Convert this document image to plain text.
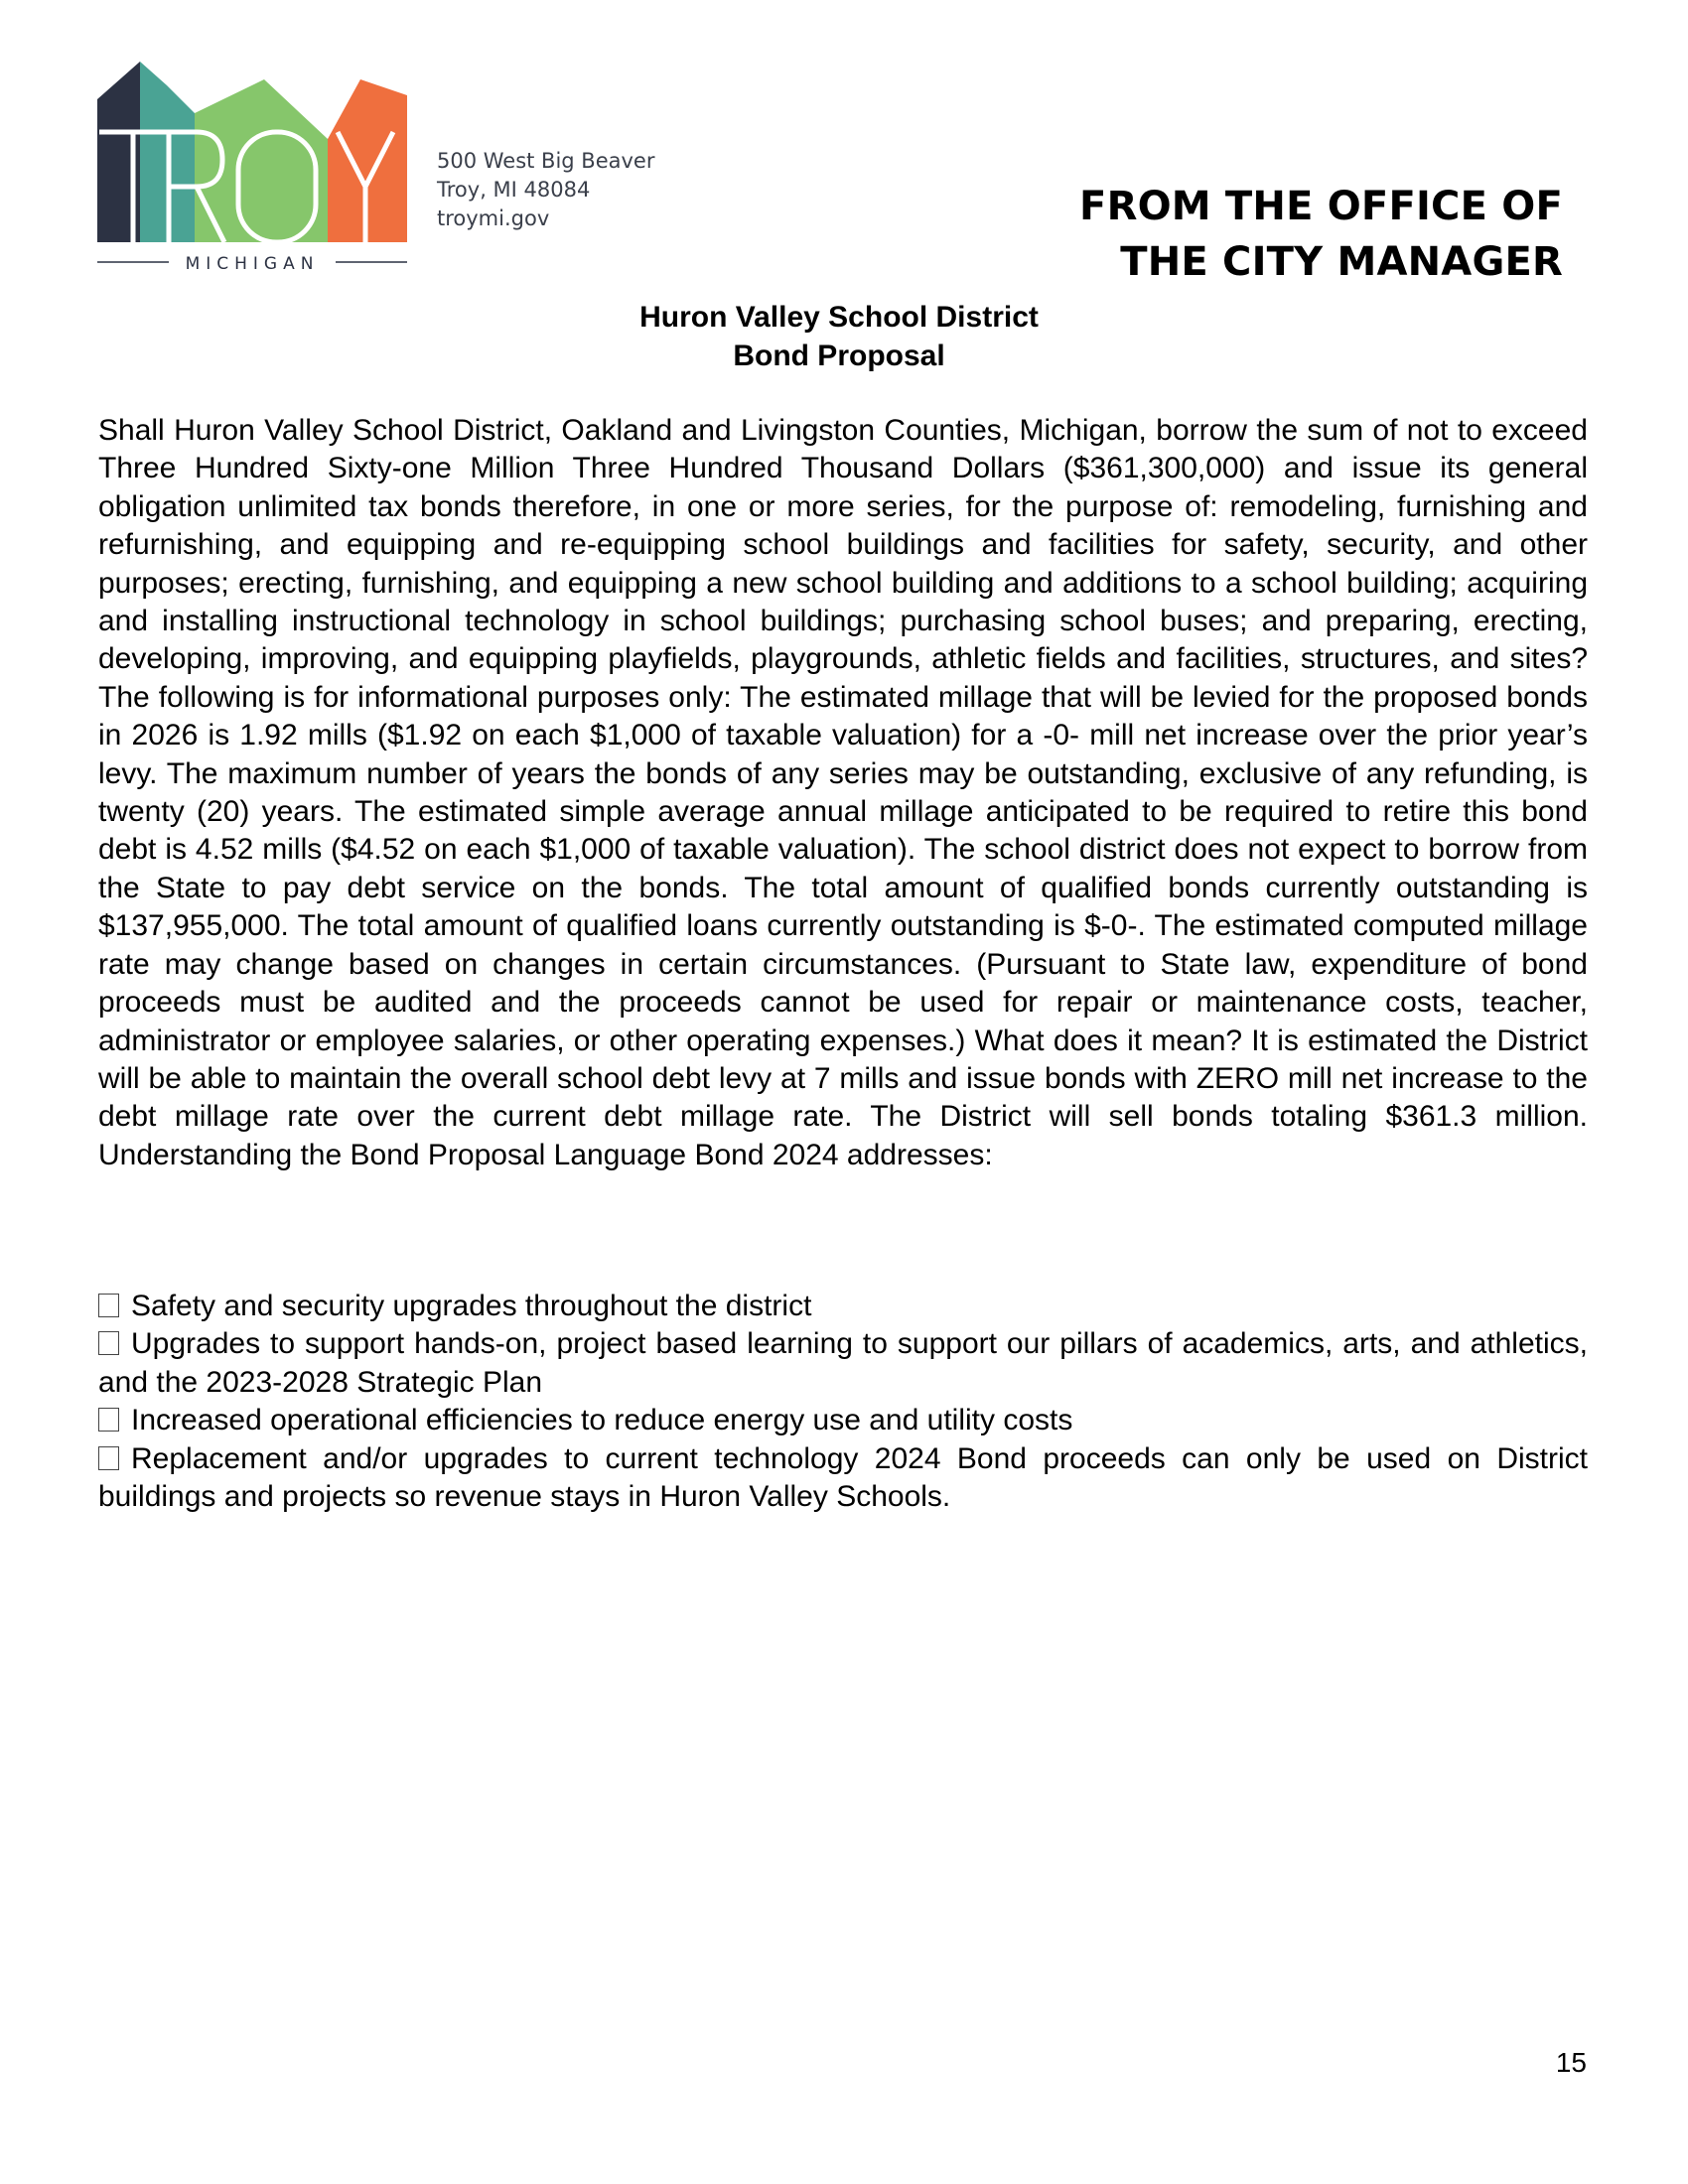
MICHIGAN
500 West Big Beaver
Troy, MI 48084
troymi.gov	FROM THE OFFICE OF
THE CITY MANAGER
Huron Valley School District
Bond Proposal
Shall Huron Valley School District, Oakland and Livingston Counties, Michigan, borrow the sum of not to exceed Three Hundred Sixty-one Million Three Hundred Thousand Dollars ($361,300,000) and issue its general obligation unlimited tax bonds therefore, in one or more series, for the purpose of: remodeling, furnishing and refurnishing, and equipping and re-equipping school buildings and facilities for safety, security, and other purposes; erecting, furnishing, and equipping a new school building and additions to a school building; acquiring and installing instructional technology in school buildings; purchasing school buses; and preparing, erecting, developing, improving, and equipping playfields, playgrounds, athletic fields and facilities, structures, and sites? The following is for informational purposes only: The estimated millage that will be levied for the proposed bonds in 2026 is 1.92 mills ($1.92 on each $1,000 of taxable valuation) for a -0- mill net increase over the prior year’s levy. The maximum number of years the bonds of any series may be outstanding, exclusive of any refunding, is twenty (20) years. The estimated simple average annual millage anticipated to be required to retire this bond debt is 4.52 mills ($4.52 on each $1,000 of taxable valuation). The school district does not expect to borrow from the State to pay debt service on the bonds. The total amount of qualified bonds currently outstanding is $137,955,000. The total amount of qualified loans currently outstanding is $-0-. The estimated computed millage rate may change based on changes in certain circumstances. (Pursuant to State law, expenditure of bond proceeds must be audited and the proceeds cannot be used for repair or maintenance costs, teacher, administrator or employee salaries, or other operating expenses.) What does it mean? It is estimated the District will be able to maintain the overall school debt levy at 7 mills and issue bonds with ZERO mill net increase to the debt millage rate over the current debt millage rate. The District will sell bonds totaling $361.3 million. Understanding the Bond Proposal Language Bond 2024 addresses:

Safety and security upgrades throughout the district

Upgrades to support hands-on, project based learning to support our pillars of academics, arts, and athletics, and the 2023-2028 Strategic Plan

Increased operational efficiencies to reduce energy use and utility costs

Replacement and/or upgrades to current technology 2024 Bond proceeds can only be used on District buildings and projects so revenue stays in Huron Valley Schools.

15
